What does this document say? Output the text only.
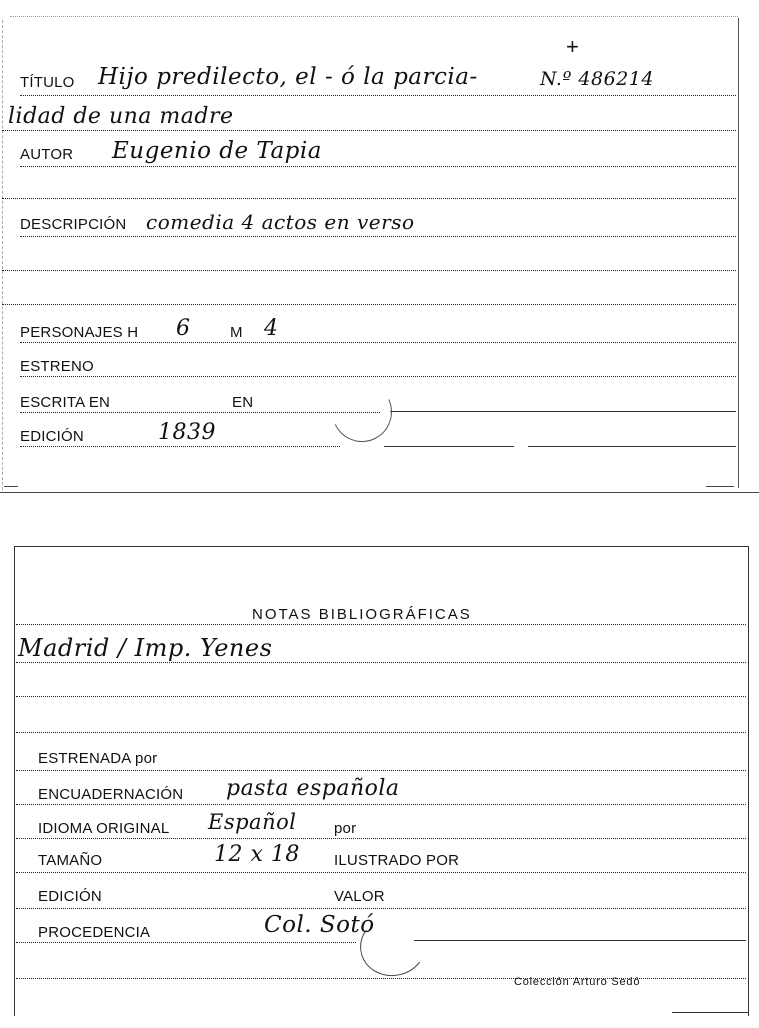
+
TÍTULO Hijo predilecto, el - ó la parcia-	N.º 486214
lidad de una madre
AUTOR Eugenio de Tapia
DESCRIPCIÓN comedia 4 actos en verso
PERSONAJES H 6	M 4
ESTRENO
ESCRITA EN	EN
EDICIÓN	1839
NOTAS BIBLIOGRÁFICAS
Madrid / Imp. Yenes
ESTRENADA por
ENCUADERNACIÓN pasta española
IDIOMA ORIGINAL Español	por
TAMAÑO	12 x 18 ILUSTRADO POR
EDICIÓN	VALOR
PROCEDENCIA	Col. Sotó
Colección Arturo Sedó
